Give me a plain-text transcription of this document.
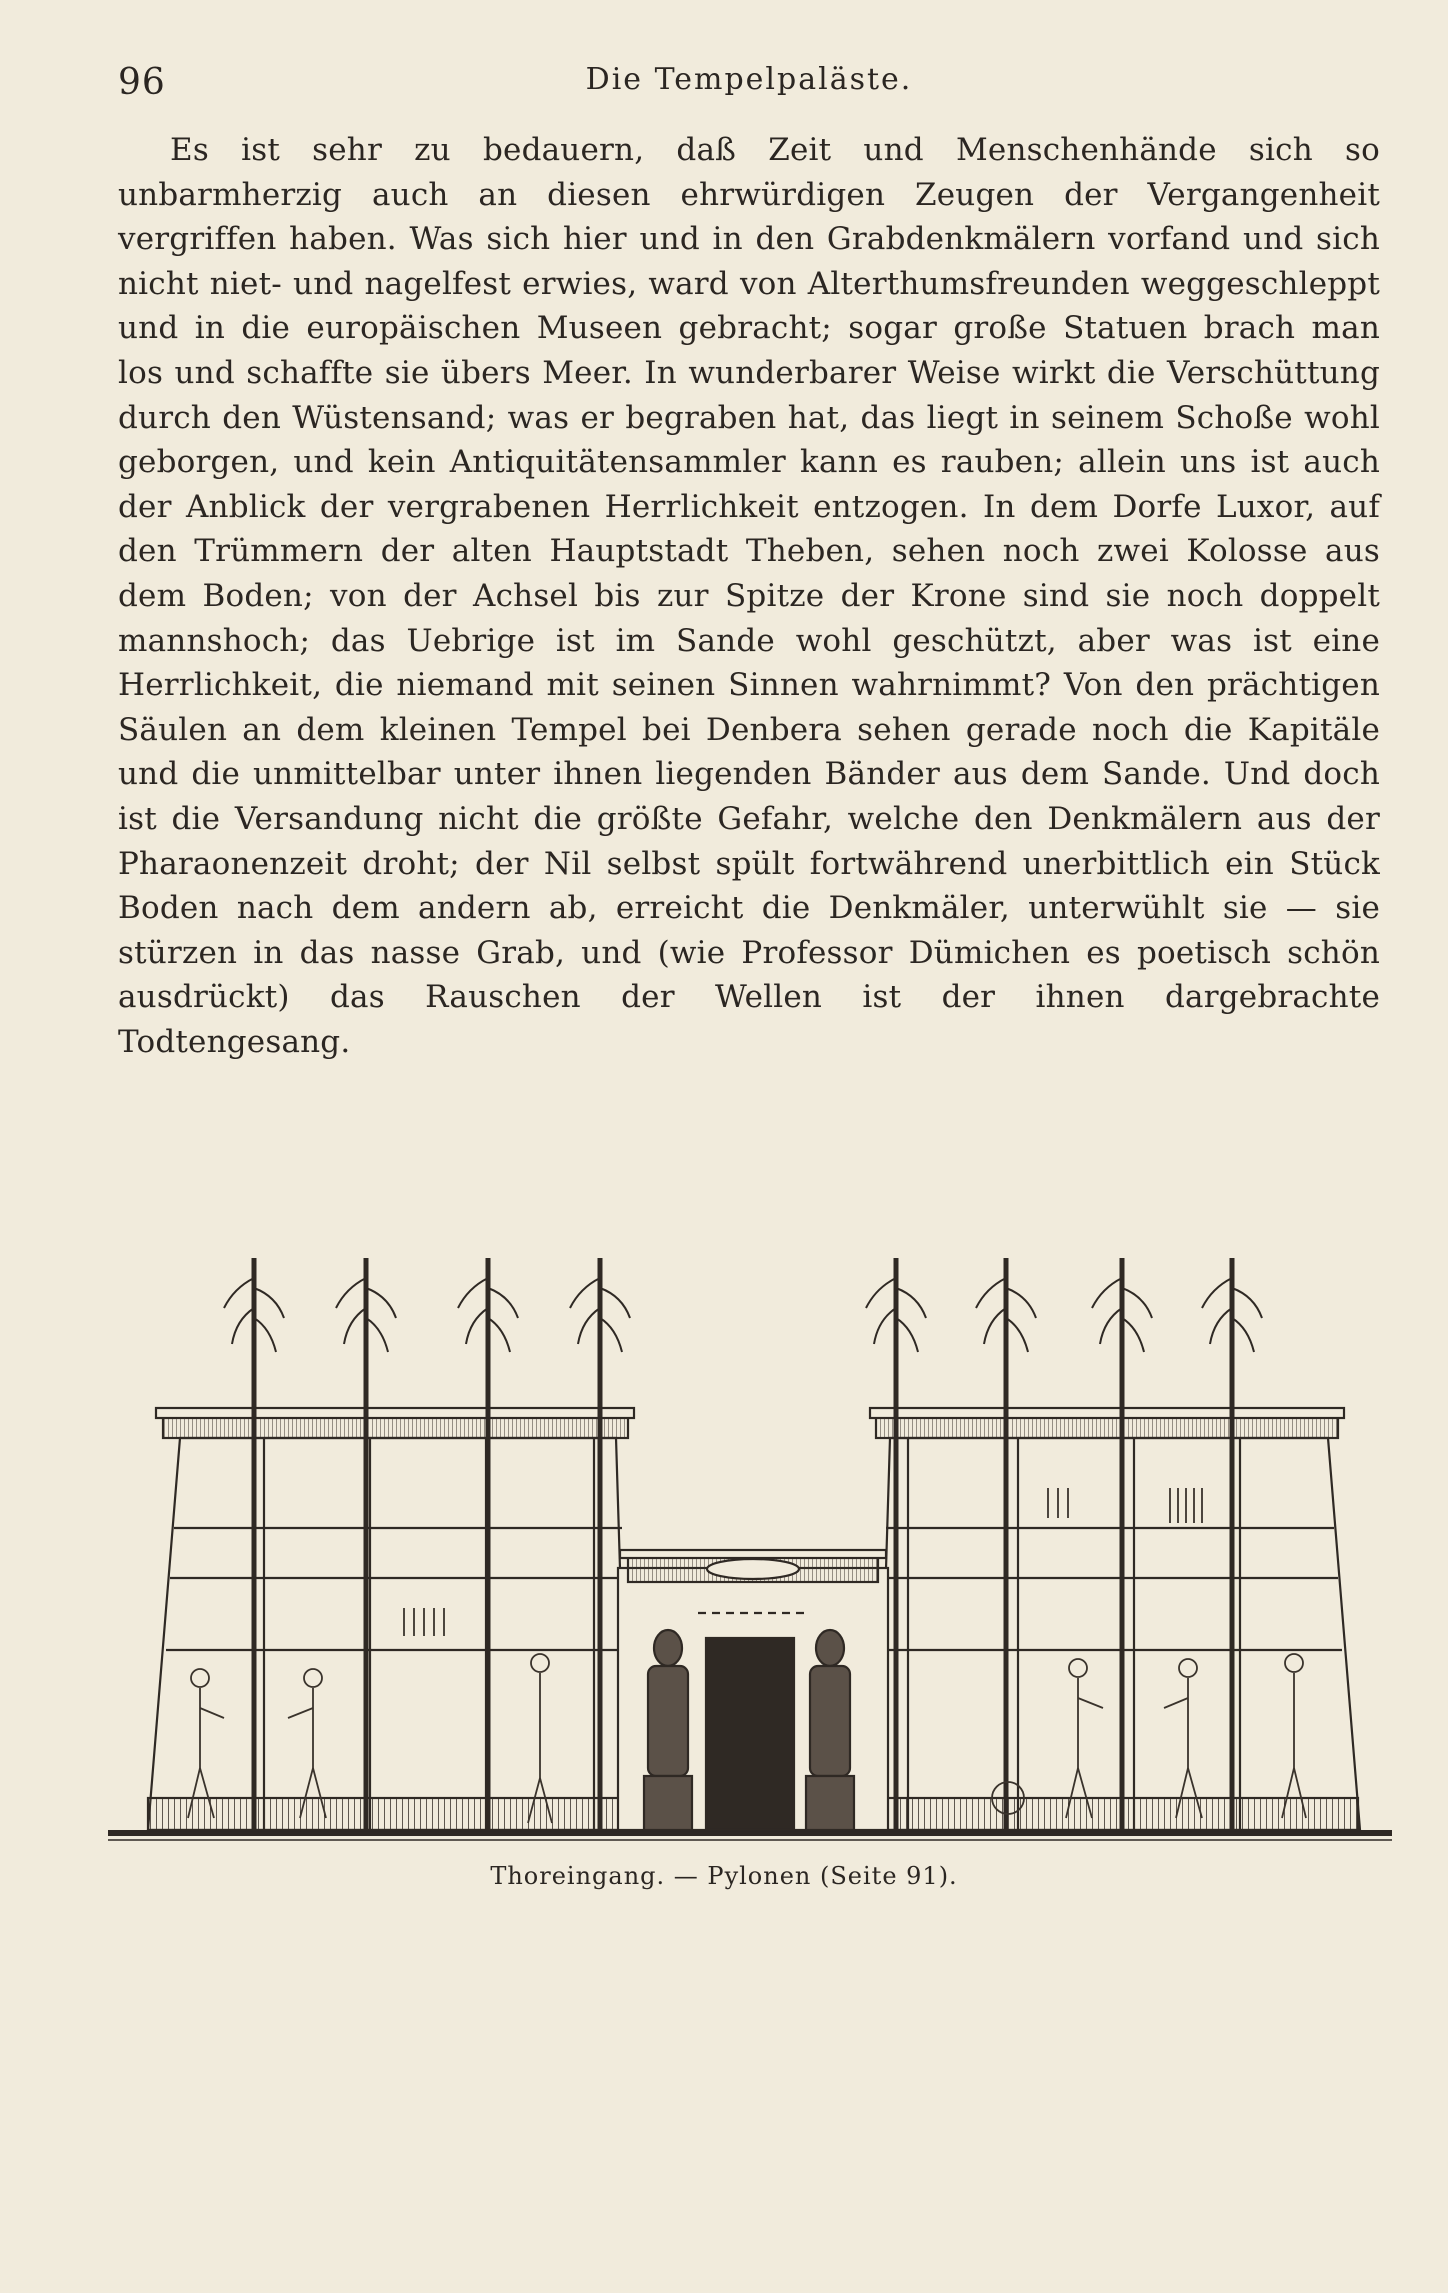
96	Die Tempelpaläste.

Es ist sehr zu bedauern, daß Zeit und Menschenhände sich so unbarmherzig auch an diesen ehrwürdigen Zeugen der Vergangenheit vergriffen haben. Was sich hier und in den Grabdenkmälern vorfand und sich nicht niet- und nagelfest erwies, ward von Alterthumsfreunden weggeschleppt und in die europäischen Museen gebracht; sogar große Statuen brach man los und schaffte sie übers Meer. In wunderbarer Weise wirkt die Verschüttung durch den Wüstensand; was er begraben hat, das liegt in seinem Schoße wohl geborgen, und kein Antiquitätensammler kann es rauben; allein uns ist auch der Anblick der vergrabenen Herrlichkeit entzogen. In dem Dorfe Luxor, auf den Trümmern der alten Hauptstadt Theben, sehen noch zwei Kolosse aus dem Boden; von der Achsel bis zur Spitze der Krone sind sie noch doppelt mannshoch; das Uebrige ist im Sande wohl geschützt, aber was ist eine Herrlichkeit, die niemand mit seinen Sinnen wahrnimmt? Von den prächtigen Säulen an dem kleinen Tempel bei Denbera sehen gerade noch die Kapitäle und die unmittelbar unter ihnen liegenden Bänder aus dem Sande. Und doch ist die Versandung nicht die größte Gefahr, welche den Denkmälern aus der Pharaonenzeit droht; der Nil selbst spült fortwährend unerbittlich ein Stück Boden nach dem andern ab, erreicht die Denkmäler, unterwühlt sie — sie stürzen in das nasse Grab, und (wie Professor Dümichen es poetisch schön ausdrückt) das Rauschen der Wellen ist der ihnen dargebrachte Todtengesang.

Thoreingang. — Pylonen (Seite 91).
